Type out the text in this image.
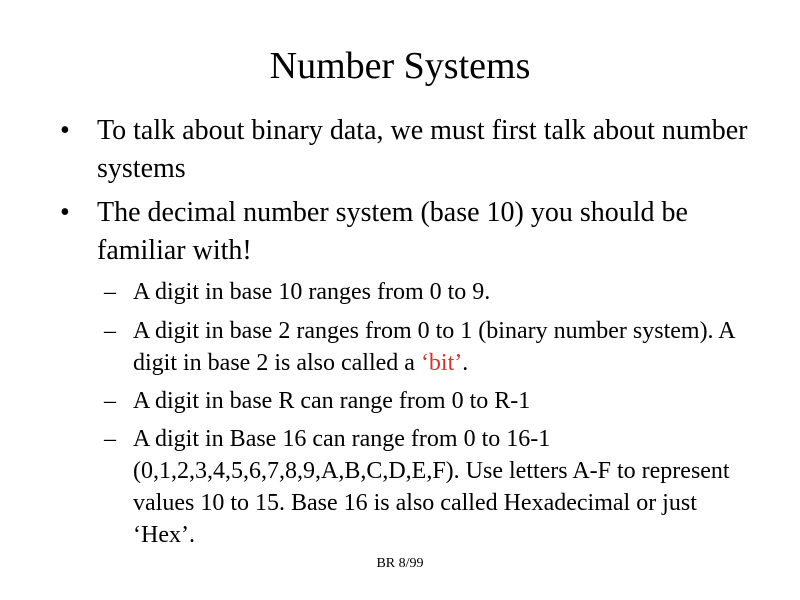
Number Systems
• To talk about binary data, we must first talk about number systems
• The decimal number system (base 10) you should be familiar with!
– A digit in base 10 ranges from 0 to 9.
– A digit in base 2 ranges from 0 to 1 (binary number system). A digit in base 2 is also called a ‘bit’.
– A digit in base R can range from 0 to R-1
– A digit in Base 16 can range from 0 to 16-1 (0,1,2,3,4,5,6,7,8,9,A,B,C,D,E,F). Use letters A-F to represent values 10 to 15. Base 16 is also called Hexadecimal or just ‘Hex’.
BR 8/99
